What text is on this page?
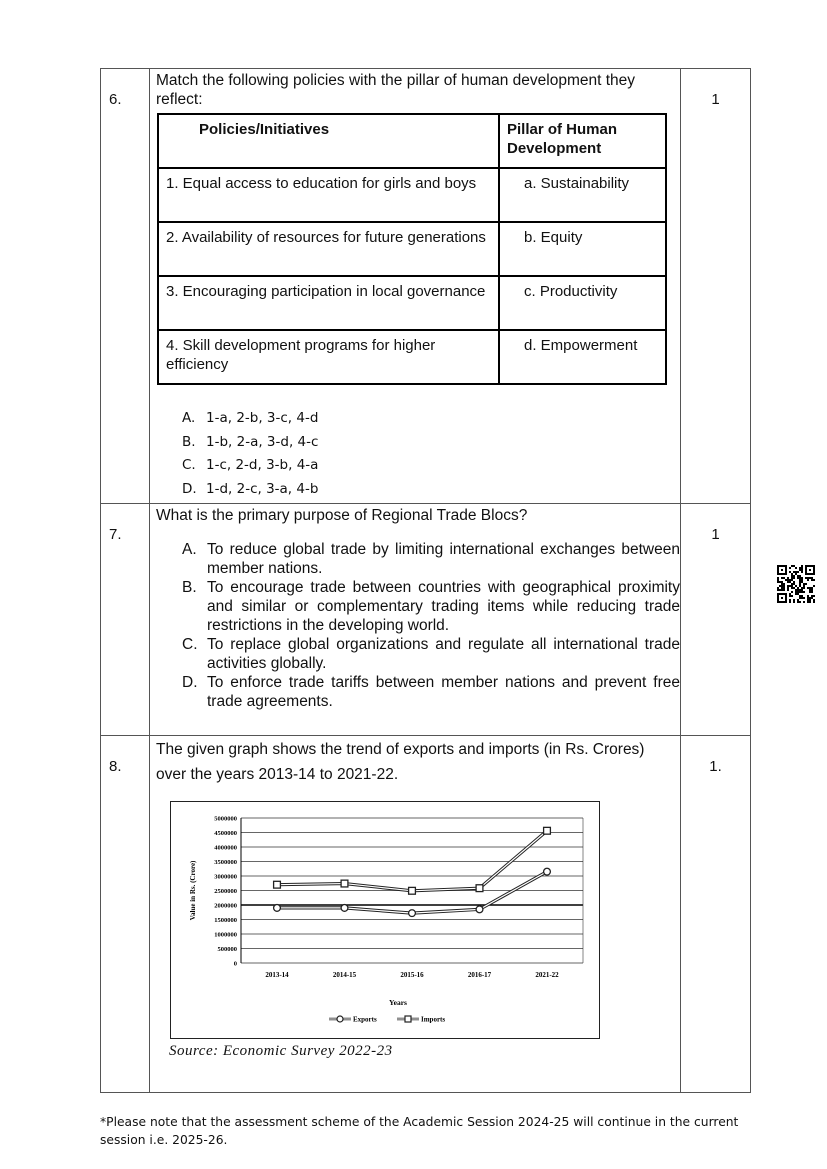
6.

Match the following policies with the pillar of human development they reflect:
Policies/Initiatives	Pillar of Human Development
1. Equal access to education for girls and boys	a. Sustainability
2. Availability of resources for future generations	b. Equity
3. Encouraging participation in local governance	c. Productivity
4. Skill development programs for higher efficiency	d. Empowerment
A. 1-a, 2-b, 3-c, 4-d
B. 1-b, 2-a, 3-d, 4-c
C. 1-c, 2-d, 3-b, 4-a
D. 1-d, 2-c, 3-a, 4-b

1

7.

What is the primary purpose of Regional Trade Blocs?
A. To reduce global trade by limiting international exchanges between member nations.
B. To encourage trade between countries with geographical proximity and similar or complementary trading items while reducing trade restrictions in the developing world.
C. To replace global organizations and regulate all international trade activities globally.
D. To enforce trade tariffs between member nations and prevent free trade agreements.

1

8.

The given graph shows the trend of exports and imports (in Rs. Crores) over the years 2013-14 to 2021-22.
5000000
4500000
4000000
3500000
3000000
2500000
2000000
1500000
1000000
500000
0
2013-14	2014-15	2015-16	2016-17	2021-22
Value in Rs. (Crore)
Years
Exports	Imports
Source: Economic Survey 2022-23

1.
*Please note that the assessment scheme of the Academic Session 2024-25 will continue in the current session i.e. 2025-26.
